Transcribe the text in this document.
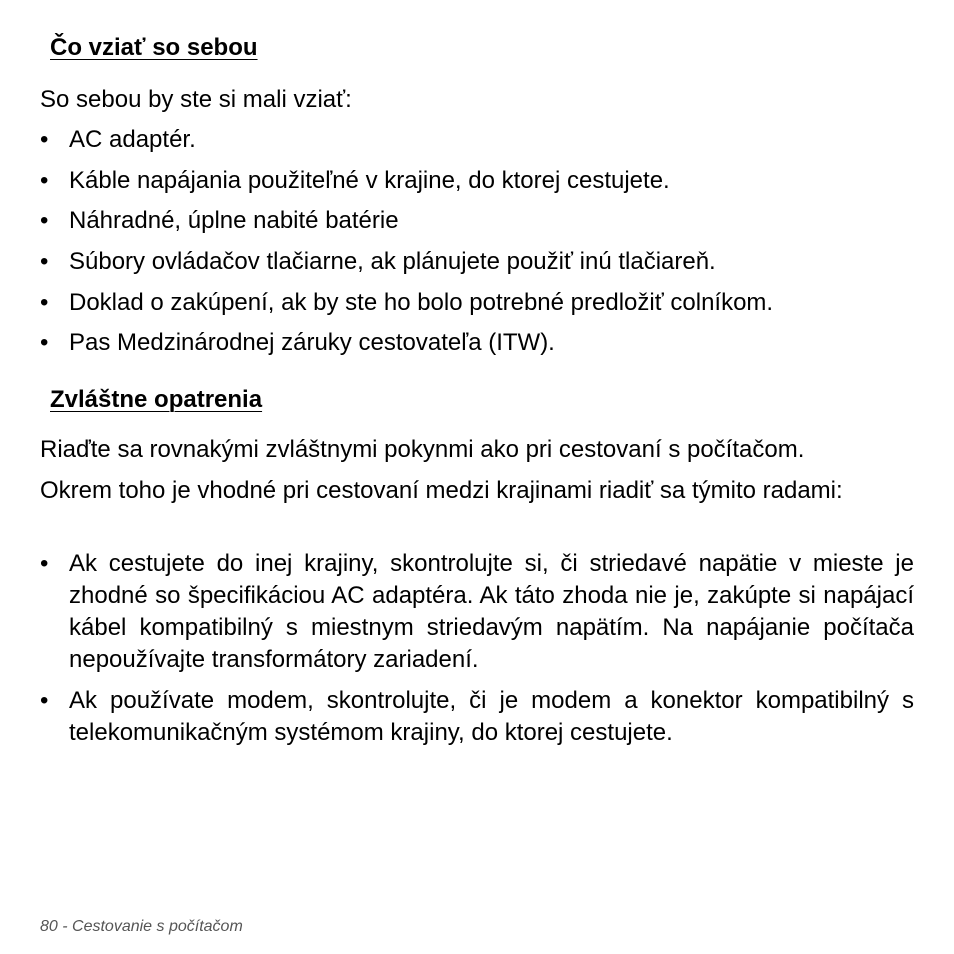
Čo vziať so sebou

So sebou by ste si mali vziať:

• AC adaptér.
• Káble napájania použiteľné v krajine, do ktorej cestujete.
• Náhradné, úplne nabité batérie
• Súbory ovládačov tlačiarne, ak plánujete použiť inú tlačiareň.
• Doklad o zakúpení, ak by ste ho bolo potrebné predložiť colníkom.
• Pas Medzinárodnej záruky cestovateľa (ITW).
Zvláštne opatrenia

Riaďte sa rovnakými zvláštnymi pokynmi ako pri cestovaní s počítačom.

Okrem toho je vhodné pri cestovaní medzi krajinami riadiť sa týmito radami:

• Ak cestujete do inej krajiny, skontrolujte si, či striedavé napätie v mieste je zhodné so špecifikáciou AC adaptéra. Ak táto zhoda nie je, zakúpte si napájací kábel kompatibilný s miestnym striedavým napätím. Na napájanie počítača nepoužívajte transformátory zariadení.
• Ak používate modem, skontrolujte, či je modem a konektor kompatibilný s telekomunikačným systémom krajiny, do ktorej cestujete.
80 - Cestovanie s počítačom
